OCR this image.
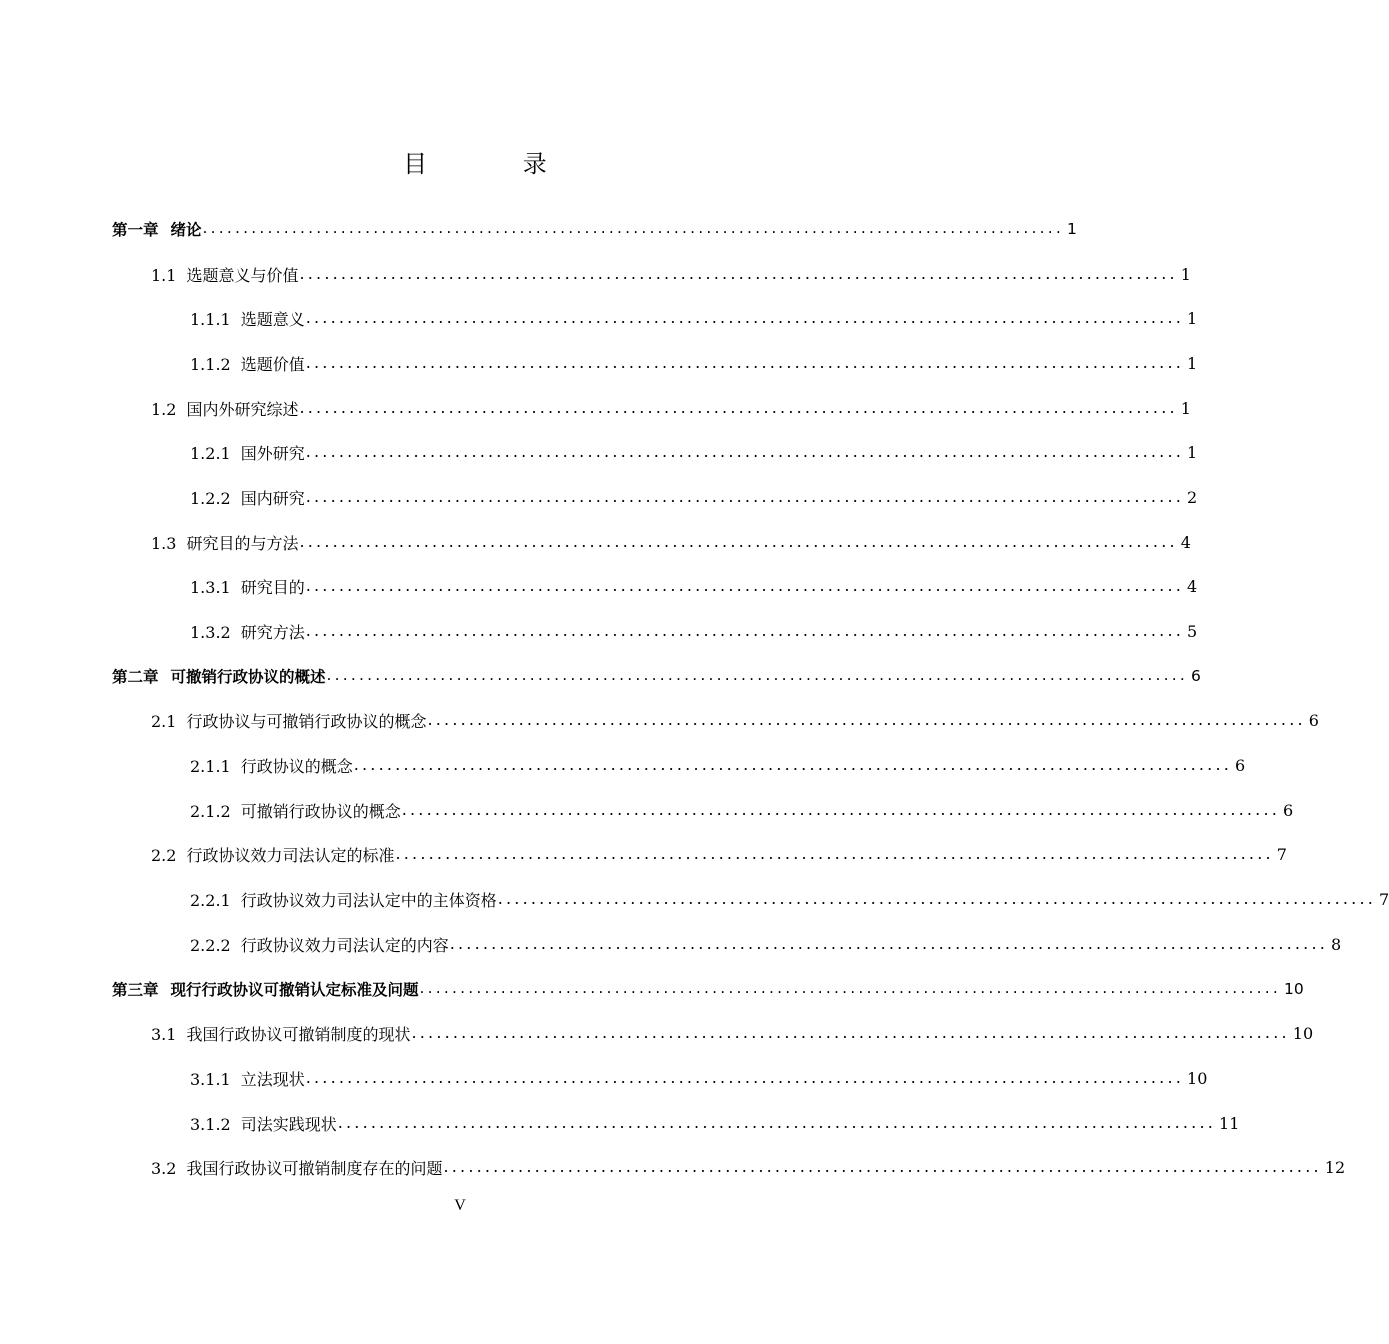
目 录
第一章 绪论 .......................................................................................................... 1
1.1 选题意义与价值 .......................................................................................................... 1
1.1.1 选题意义 .......................................................................................................... 1
1.1.2 选题价值 .......................................................................................................... 1
1.2 国内外研究综述 .......................................................................................................... 1
1.2.1 国外研究 .......................................................................................................... 1
1.2.2 国内研究 .......................................................................................................... 2
1.3 研究目的与方法 .......................................................................................................... 4
1.3.1 研究目的 .......................................................................................................... 4
1.3.2 研究方法 .......................................................................................................... 5
第二章 可撤销行政协议的概述 .......................................................................................................... 6
2.1 行政协议与可撤销行政协议的概念 .......................................................................................................... 6
2.1.1 行政协议的概念 .......................................................................................................... 6
2.1.2 可撤销行政协议的概念 .......................................................................................................... 6
2.2 行政协议效力司法认定的标准 .......................................................................................................... 7
2.2.1 行政协议效力司法认定中的主体资格 .......................................................................................................... 7
2.2.2 行政协议效力司法认定的内容 .......................................................................................................... 8
第三章 现行行政协议可撤销认定标准及问题 .......................................................................................................... 10
3.1 我国行政协议可撤销制度的现状 .......................................................................................................... 10
3.1.1 立法现状 .......................................................................................................... 10
3.1.2 司法实践现状 .......................................................................................................... 11
3.2 我国行政协议可撤销制度存在的问题 .......................................................................................................... 12
V
